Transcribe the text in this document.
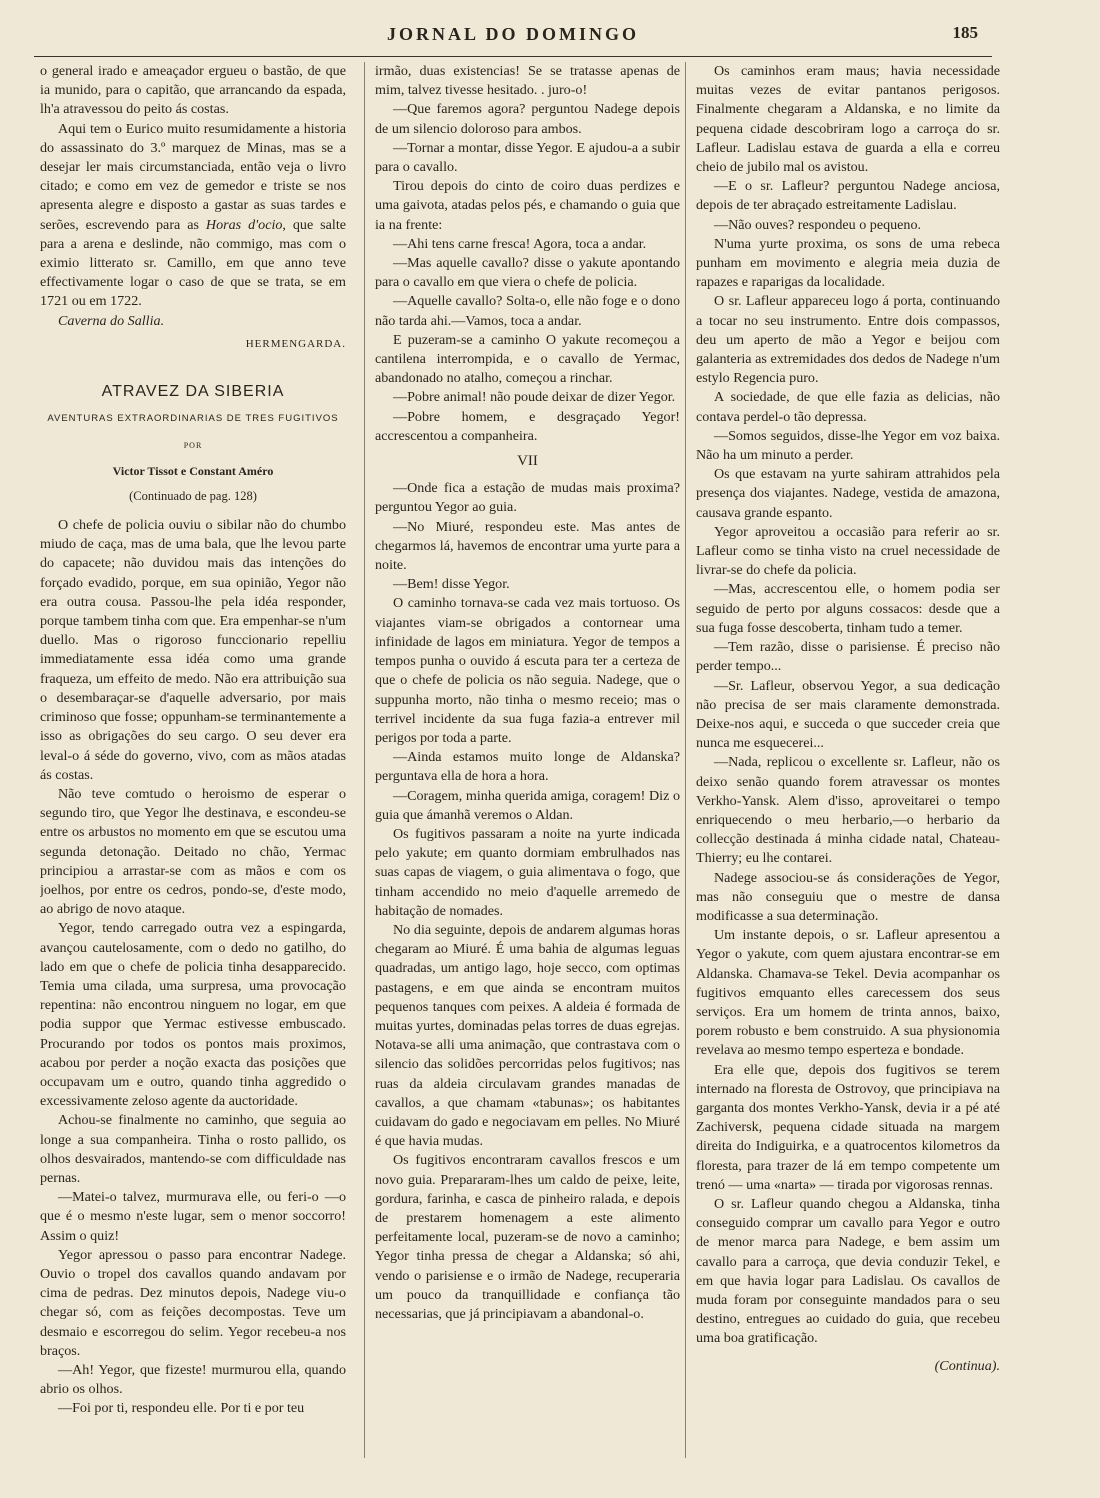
JORNAL DO DOMINGO	185

o general irado e ameaçador ergueu o bastão, de que ia munido, para o capitão, que arrancando da espada, lh'a atravessou do peito ás costas.

Aqui tem o Eurico muito resumidamente a historia do assassinato do 3.º marquez de Minas, mas se a desejar ler mais circumstanciada, então veja o livro citado; e como em vez de gemedor e triste se nos apresenta alegre e disposto a gastar as suas tardes e serões, escrevendo para as Horas d'ocio, que salte para a arena e deslinde, não commigo, mas com o eximio litterato sr. Camillo, em que anno teve effectivamente logar o caso de que se trata, se em 1721 ou em 1722.

Caverna do Sallia.

HERMENGARDA.
ATRAVEZ DA SIBERIA
AVENTURAS EXTRAORDINARIAS DE TRES FUGITIVOS
POR
Victor Tissot e Constant Améro
(Continuado de pag. 128)

O chefe de policia ouviu o sibilar não do chumbo miudo de caça, mas de uma bala, que lhe levou parte do capacete; não duvidou mais das intenções do forçado evadido, porque, em sua opinião, Yegor não era outra cousa. Passou-lhe pela idéa responder, porque tambem tinha com que. Era empenhar-se n'um duello. Mas o rigoroso funccionario repelliu immediatamente essa idéa como uma grande fraqueza, um effeito de medo. Não era attribuição sua o desembaraçar-se d'aquelle adversario, por mais criminoso que fosse; oppunham-se terminantemente a isso as obrigações do seu cargo. O seu dever era leval-o á séde do governo, vivo, com as mãos atadas ás costas.

Não teve comtudo o heroismo de esperar o segundo tiro, que Yegor lhe destinava, e escondeu-se entre os arbustos no momento em que se escutou uma segunda detonação. Deitado no chão, Yermac principiou a arrastar-se com as mãos e com os joelhos, por entre os cedros, pondo-se, d'este modo, ao abrigo de novo ataque.

Yegor, tendo carregado outra vez a espingarda, avançou cautelosamente, com o dedo no gatilho, do lado em que o chefe de policia tinha desapparecido. Temia uma cilada, uma surpresa, uma provocação repentina: não encontrou ninguem no logar, em que podia suppor que Yermac estivesse embuscado. Procurando por todos os pontos mais proximos, acabou por perder a noção exacta das posições que occupavam um e outro, quando tinha aggredido o excessivamente zeloso agente da auctoridade.

Achou-se finalmente no caminho, que seguia ao longe a sua companheira. Tinha o rosto pallido, os olhos desvairados, mantendo-se com difficuldade nas pernas.

—Matei-o talvez, murmurava elle, ou feri-o —o que é o mesmo n'este lugar, sem o menor soccorro! Assim o quiz!

Yegor apressou o passo para encontrar Nadege. Ouvio o tropel dos cavallos quando andavam por cima de pedras. Dez minutos depois, Nadege viu-o chegar só, com as feições decompostas. Teve um desmaio e escorregou do selim. Yegor recebeu-a nos braços.

—Ah! Yegor, que fizeste! murmurou ella, quando abrio os olhos.

—Foi por ti, respondeu elle. Por ti e por teu

irmão, duas existencias! Se se tratasse apenas de mim, talvez tivesse hesitado. . juro-o!

—Que faremos agora? perguntou Nadege depois de um silencio doloroso para ambos.

—Tornar a montar, disse Yegor. E ajudou-a a subir para o cavallo.

Tirou depois do cinto de coiro duas perdizes e uma gaivota, atadas pelos pés, e chamando o guia que ia na frente:

—Ahi tens carne fresca! Agora, toca a andar.

—Mas aquelle cavallo? disse o yakute apontando para o cavallo em que viera o chefe de policia.

—Aquelle cavallo? Solta-o, elle não foge e o dono não tarda ahi.—Vamos, toca a andar.

E puzeram-se a caminho O yakute recomeçou a cantilena interrompida, e o cavallo de Yermac, abandonado no atalho, começou a rinchar.

—Pobre animal! não poude deixar de dizer Yegor.

—Pobre homem, e desgraçado Yegor! accrescentou a companheira.

VII

—Onde fica a estação de mudas mais proxima? perguntou Yegor ao guia.

—No Miuré, respondeu este. Mas antes de chegarmos lá, havemos de encontrar uma yurte para a noite.

—Bem! disse Yegor.

O caminho tornava-se cada vez mais tortuoso. Os viajantes viam-se obrigados a contornear uma infinidade de lagos em miniatura. Yegor de tempos a tempos punha o ouvido á escuta para ter a certeza de que o chefe de policia os não seguia. Nadege, que o suppunha morto, não tinha o mesmo receio; mas o terrivel incidente da sua fuga fazia-a entrever mil perigos por toda a parte.

—Ainda estamos muito longe de Aldanska? perguntava ella de hora a hora.

—Coragem, minha querida amiga, coragem! Diz o guia que ámanhã veremos o Aldan.

Os fugitivos passaram a noite na yurte indicada pelo yakute; em quanto dormiam embrulhados nas suas capas de viagem, o guia alimentava o fogo, que tinham accendido no meio d'aquelle arremedo de habitação de nomades.

No dia seguinte, depois de andarem algumas horas chegaram ao Miuré. É uma bahia de algumas leguas quadradas, um antigo lago, hoje secco, com optimas pastagens, e em que ainda se encontram muitos pequenos tanques com peixes. A aldeia é formada de muitas yurtes, dominadas pelas torres de duas egrejas. Notava-se alli uma animação, que contrastava com o silencio das solidões percorridas pelos fugitivos; nas ruas da aldeia circulavam grandes manadas de cavallos, a que chamam «tabunas»; os habitantes cuidavam do gado e negociavam em pelles. No Miuré é que havia mudas.

Os fugitivos encontraram cavallos frescos e um novo guia. Prepararam-lhes um caldo de peixe, leite, gordura, farinha, e casca de pinheiro ralada, e depois de prestarem homenagem a este alimento perfeitamente local, puzeram-se de novo a caminho; Yegor tinha pressa de chegar a Aldanska; só ahi, vendo o parisiense e o irmão de Nadege, recuperaria um pouco da tranquillidade e confiança tão necessarias, que já principiavam a abandonal-o.

Os caminhos eram maus; havia necessidade muitas vezes de evitar pantanos perigosos. Finalmente chegaram a Aldanska, e no limite da pequena cidade descobriram logo a carroça do sr. Lafleur. Ladislau estava de guarda a ella e correu cheio de jubilo mal os avistou.

—E o sr. Lafleur? perguntou Nadege anciosa, depois de ter abraçado estreitamente Ladislau.

—Não ouves? respondeu o pequeno.

N'uma yurte proxima, os sons de uma rebeca punham em movimento e alegria meia duzia de rapazes e raparigas da localidade.

O sr. Lafleur appareceu logo á porta, continuando a tocar no seu instrumento. Entre dois compassos, deu um aperto de mão a Yegor e beijou com galanteria as extremidades dos dedos de Nadege n'um estylo Regencia puro.

A sociedade, de que elle fazia as delicias, não contava perdel-o tão depressa.

—Somos seguidos, disse-lhe Yegor em voz baixa. Não ha um minuto a perder.

Os que estavam na yurte sahiram attrahidos pela presença dos viajantes. Nadege, vestida de amazona, causava grande espanto.

Yegor aproveitou a occasião para referir ao sr. Lafleur como se tinha visto na cruel necessidade de livrar-se do chefe da policia.

—Mas, accrescentou elle, o homem podia ser seguido de perto por alguns cossacos: desde que a sua fuga fosse descoberta, tinham tudo a temer.

—Tem razão, disse o parisiense. É preciso não perder tempo...

—Sr. Lafleur, observou Yegor, a sua dedicação não precisa de ser mais claramente demonstrada. Deixe-nos aqui, e succeda o que succeder creia que nunca me esquecerei...

—Nada, replicou o excellente sr. Lafleur, não os deixo senão quando forem atravessar os montes Verkho-Yansk. Alem d'isso, aproveitarei o tempo enriquecendo o meu herbario,—o herbario da collecção destinada á minha cidade natal, Chateau-Thierry; eu lhe contarei.

Nadege associou-se ás considerações de Yegor, mas não conseguiu que o mestre de dansa modificasse a sua determinação.

Um instante depois, o sr. Lafleur apresentou a Yegor o yakute, com quem ajustara encontrar-se em Aldanska. Chamava-se Tekel. Devia acompanhar os fugitivos emquanto elles carecessem dos seus serviços. Era um homem de trinta annos, baixo, porem robusto e bem construido. A sua physionomia revelava ao mesmo tempo esperteza e bondade.

Era elle que, depois dos fugitivos se terem internado na floresta de Ostrovoy, que principiava na garganta dos montes Verkho-Yansk, devia ir a pé até Zachiversk, pequena cidade situada na margem direita do Indiguirka, e a quatrocentos kilometros da floresta, para trazer de lá em tempo competente um trenó — uma «narta» — tirada por vigorosas rennas.

O sr. Lafleur quando chegou a Aldanska, tinha conseguido comprar um cavallo para Yegor e outro de menor marca para Nadege, e bem assim um cavallo para a carroça, que devia conduzir Tekel, e em que havia logar para Ladislau. Os cavallos de muda foram por conseguinte mandados para o seu destino, entregues ao cuidado do guia, que recebeu uma boa gratificação.

(Continua).
